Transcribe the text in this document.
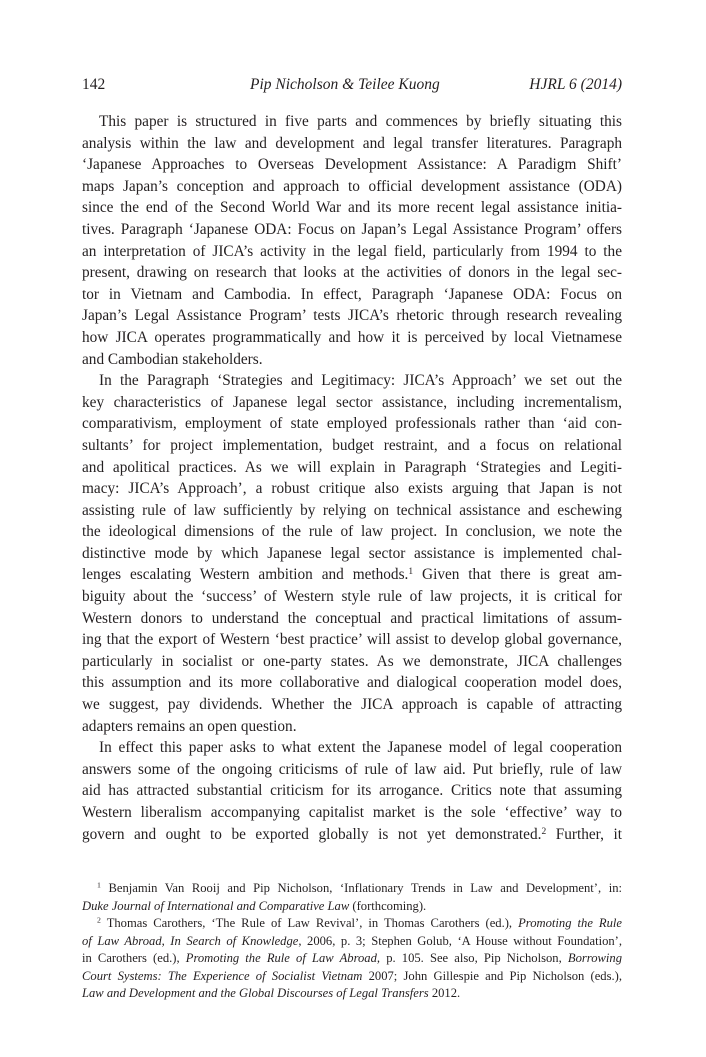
142	Pip Nicholson & Teilee Kuong	HJRL 6 (2014)
This paper is structured in five parts and commences by briefly situating this
analysis within the law and development and legal transfer literatures. Paragraph
‘Japanese Approaches to Overseas Development Assistance: A Paradigm Shift’
maps Japan’s conception and approach to official development assistance (ODA)
since the end of the Second World War and its more recent legal assistance initia-
tives. Paragraph ‘Japanese ODA: Focus on Japan’s Legal Assistance Program’ offers
an interpretation of JICA’s activity in the legal field, particularly from 1994 to the
present, drawing on research that looks at the activities of donors in the legal sec-
tor in Vietnam and Cambodia. In effect, Paragraph ‘Japanese ODA: Focus on
Japan’s Legal Assistance Program’ tests JICA’s rhetoric through research revealing
how JICA operates programmatically and how it is perceived by local Vietnamese
and Cambodian stakeholders.
In the Paragraph ‘Strategies and Legitimacy: JICA’s Approach’ we set out the
key characteristics of Japanese legal sector assistance, including incrementalism,
comparativism, employment of state employed professionals rather than ‘aid con-
sultants’ for project implementation, budget restraint, and a focus on relational
and apolitical practices. As we will explain in Paragraph ‘Strategies and Legiti-
macy: JICA’s Approach’, a robust critique also exists arguing that Japan is not
assisting rule of law sufficiently by relying on technical assistance and eschewing
the ideological dimensions of the rule of law project. In conclusion, we note the
distinctive mode by which Japanese legal sector assistance is implemented chal-
lenges escalating Western ambition and methods.$^1$ Given that there is great am-
biguity about the ‘success’ of Western style rule of law projects, it is critical for
Western donors to understand the conceptual and practical limitations of assum-
ing that the export of Western ‘best practice’ will assist to develop global governance,
particularly in socialist or one-party states. As we demonstrate, JICA challenges
this assumption and its more collaborative and dialogical cooperation model does,
we suggest, pay dividends. Whether the JICA approach is capable of attracting
adapters remains an open question.
In effect this paper asks to what extent the Japanese model of legal cooperation
answers some of the ongoing criticisms of rule of law aid. Put briefly, rule of law
aid has attracted substantial criticism for its arrogance. Critics note that assuming
Western liberalism accompanying capitalist market is the sole ‘effective’ way to
govern and ought to be exported globally is not yet demonstrated.$^2$ Further, it
$^1$ Benjamin Van Rooij and Pip Nicholson, ‘Inflationary Trends in Law and Development’, in:
Duke Journal of International and Comparative Law (forthcoming).
$^2$ Thomas Carothers, ‘The Rule of Law Revival’, in Thomas Carothers (ed.), Promoting the Rule
of Law Abroad, In Search of Knowledge, 2006, p. 3; Stephen Golub, ‘A House without Foundation’,
in Carothers (ed.), Promoting the Rule of Law Abroad, p. 105. See also, Pip Nicholson, Borrowing
Court Systems: The Experience of Socialist Vietnam 2007; John Gillespie and Pip Nicholson (eds.),
Law and Development and the Global Discourses of Legal Transfers 2012.
